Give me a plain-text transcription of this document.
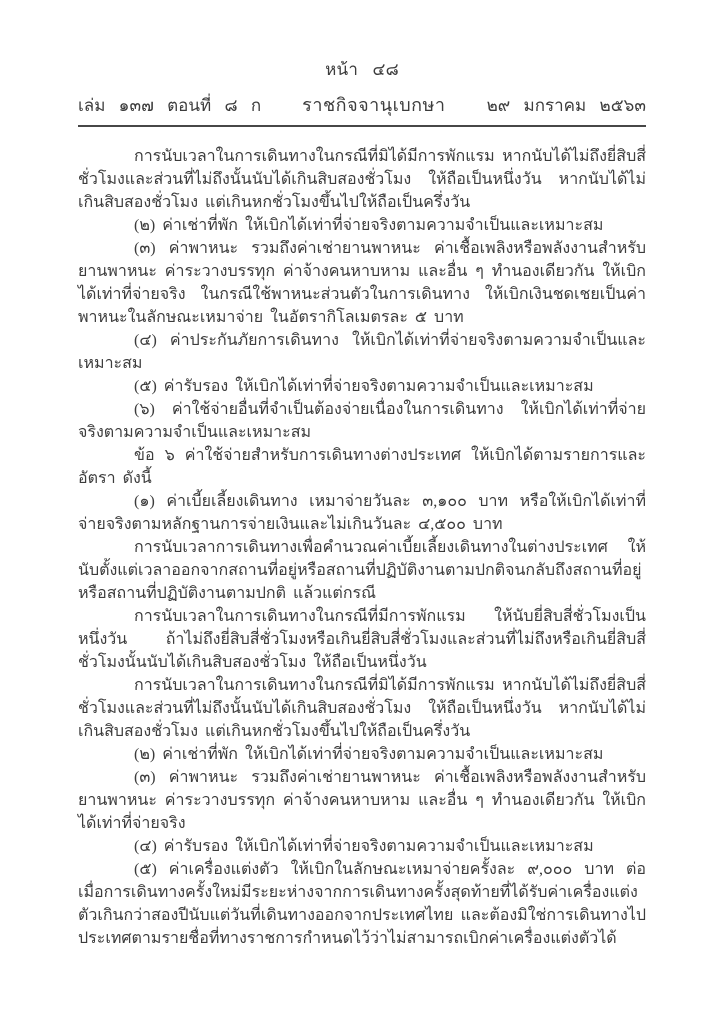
หน้า ๔๘
เล่ม ๑๓๗ ตอนที่ ๘ ก ราชกิจจานุเบกษา ๒๙ มกราคม ๒๕๖๓

การนับเวลาในการเดินทางในกรณีที่มิได้มีการพักแรม หากนับได้ไม่ถึงยี่สิบสี่ชั่วโมงและส่วนที่ไม่ถึงนั้นนับได้เกินสิบสองชั่วโมง ให้ถือเป็นหนึ่งวัน หากนับได้ไม่เกินสิบสองชั่วโมง แต่เกินหกชั่วโมงขึ้นไปให้ถือเป็นครึ่งวัน

(๒) ค่าเช่าที่พัก ให้เบิกได้เท่าที่จ่ายจริงตามความจำเป็นและเหมาะสม

(๓) ค่าพาหนะ รวมถึงค่าเช่ายานพาหนะ ค่าเชื้อเพลิงหรือพลังงานสำหรับยานพาหนะ ค่าระวางบรรทุก ค่าจ้างคนหาบหาม และอื่น ๆ ทำนองเดียวกัน ให้เบิกได้เท่าที่จ่ายจริง ในกรณีใช้พาหนะส่วนตัวในการเดินทาง ให้เบิกเงินชดเชยเป็นค่าพาหนะในลักษณะเหมาจ่าย ในอัตรากิโลเมตรละ ๕ บาท

(๔) ค่าประกันภัยการเดินทาง ให้เบิกได้เท่าที่จ่ายจริงตามความจำเป็นและเหมาะสม

(๕) ค่ารับรอง ให้เบิกได้เท่าที่จ่ายจริงตามความจำเป็นและเหมาะสม

(๖) ค่าใช้จ่ายอื่นที่จำเป็นต้องจ่ายเนื่องในการเดินทาง ให้เบิกได้เท่าที่จ่ายจริงตามความจำเป็นและเหมาะสม

ข้อ ๖ ค่าใช้จ่ายสำหรับการเดินทางต่างประเทศ ให้เบิกได้ตามรายการและอัตรา ดังนี้

(๑) ค่าเบี้ยเลี้ยงเดินทาง เหมาจ่ายวันละ ๓,๑๐๐ บาท หรือให้เบิกได้เท่าที่จ่ายจริงตามหลักฐานการจ่ายเงินและไม่เกินวันละ ๔,๕๐๐ บาท

การนับเวลาการเดินทางเพื่อคำนวณค่าเบี้ยเลี้ยงเดินทางในต่างประเทศ ให้นับตั้งแต่เวลาออกจากสถานที่อยู่หรือสถานที่ปฏิบัติงานตามปกติจนกลับถึงสถานที่อยู่หรือสถานที่ปฏิบัติงานตามปกติ แล้วแต่กรณี

การนับเวลาในการเดินทางในกรณีที่มีการพักแรม ให้นับยี่สิบสี่ชั่วโมงเป็นหนึ่งวัน ถ้าไม่ถึงยี่สิบสี่ชั่วโมงหรือเกินยี่สิบสี่ชั่วโมงและส่วนที่ไม่ถึงหรือเกินยี่สิบสี่ชั่วโมงนั้นนับได้เกินสิบสองชั่วโมง ให้ถือเป็นหนึ่งวัน

การนับเวลาในการเดินทางในกรณีที่มิได้มีการพักแรม หากนับได้ไม่ถึงยี่สิบสี่ชั่วโมงและส่วนที่ไม่ถึงนั้นนับได้เกินสิบสองชั่วโมง ให้ถือเป็นหนึ่งวัน หากนับได้ไม่เกินสิบสองชั่วโมง แต่เกินหกชั่วโมงขึ้นไปให้ถือเป็นครึ่งวัน

(๒) ค่าเช่าที่พัก ให้เบิกได้เท่าที่จ่ายจริงตามความจำเป็นและเหมาะสม

(๓) ค่าพาหนะ รวมถึงค่าเช่ายานพาหนะ ค่าเชื้อเพลิงหรือพลังงานสำหรับยานพาหนะ ค่าระวางบรรทุก ค่าจ้างคนหาบหาม และอื่น ๆ ทำนองเดียวกัน ให้เบิกได้เท่าที่จ่ายจริง

(๔) ค่ารับรอง ให้เบิกได้เท่าที่จ่ายจริงตามความจำเป็นและเหมาะสม

(๕) ค่าเครื่องแต่งตัว ให้เบิกในลักษณะเหมาจ่ายครั้งละ ๙,๐๐๐ บาท ต่อเมื่อการเดินทางครั้งใหม่มีระยะห่างจากการเดินทางครั้งสุดท้ายที่ได้รับค่าเครื่องแต่งตัวเกินกว่าสองปีนับแต่วันที่เดินทางออกจากประเทศไทย และต้องมิใช่การเดินทางไปประเทศตามรายชื่อที่ทางราชการกำหนดไว้ว่าไม่สามารถเบิกค่าเครื่องแต่งตัวได้
